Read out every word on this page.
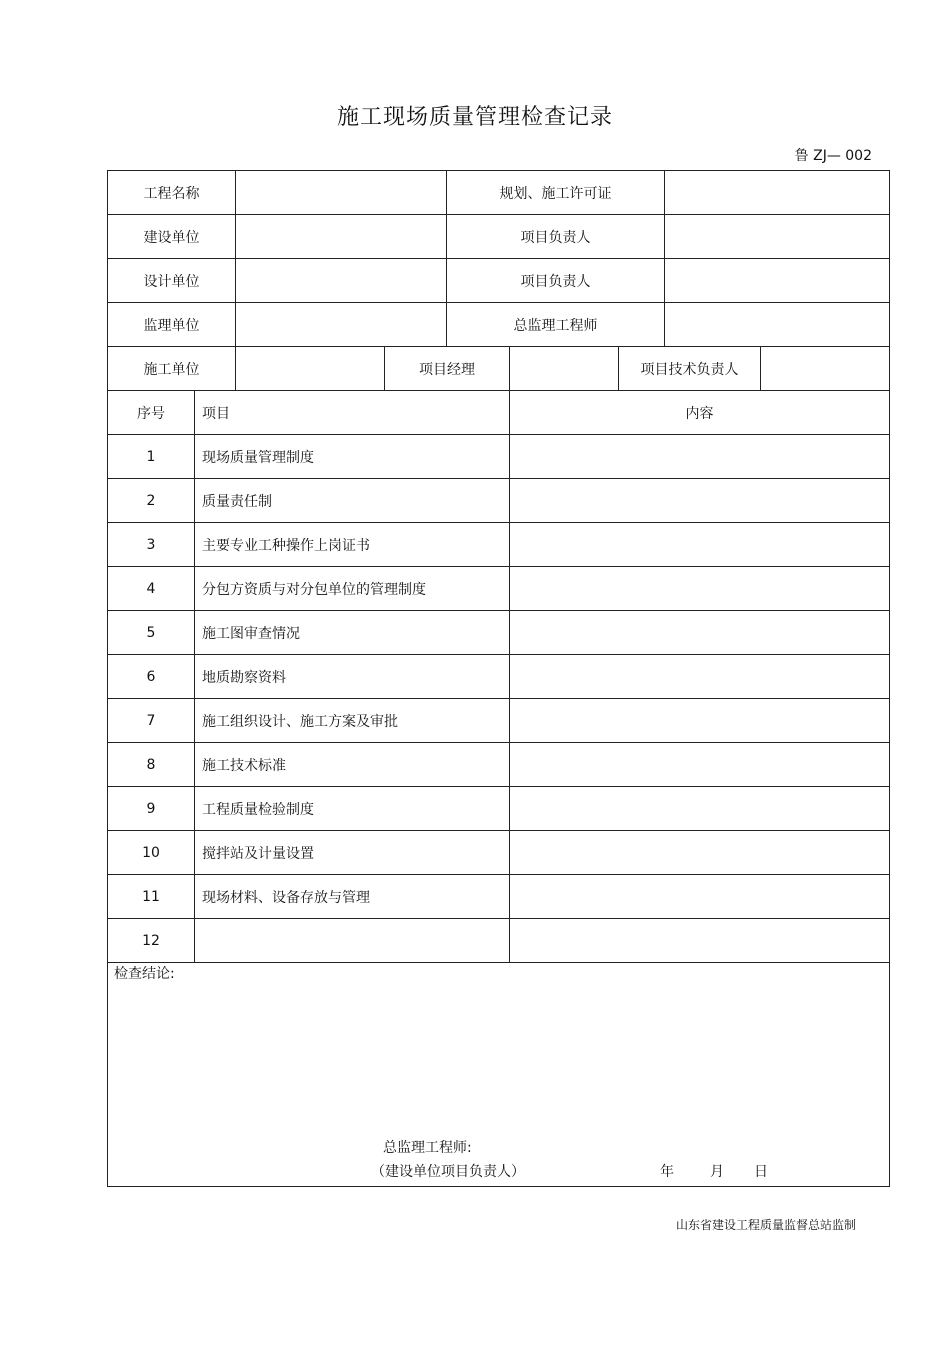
施工现场质量管理检查记录
鲁 ZJ— 002
工程名称	规划、施工许可证
建设单位	项目负责人
设计单位	项目负责人
监理单位	总监理工程师
施工单位	项目经理	项目技术负责人
序号	项目	内容
1	现场质量管理制度
2	质量责任制
3	主要专业工种操作上岗证书
4	分包方资质与对分包单位的管理制度
5	施工图审查情况
6	地质勘察资料
7	施工组织设计、施工方案及审批
8	施工技术标准
9	工程质量检验制度
10	搅拌站及计量设置
11	现场材料、设备存放与管理
12
检查结论:
总监理工程师:
（建设单位项目负责人）	年	月 日
山东省建设工程质量监督总站监制
